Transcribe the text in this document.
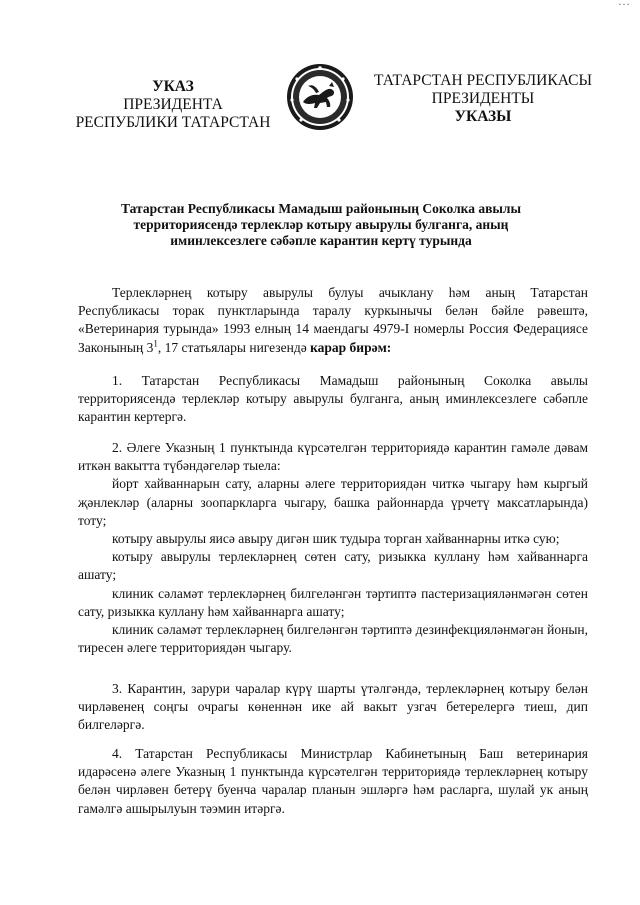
…
УКАЗ
ПРЕЗИДЕНТА
РЕСПУБЛИКИ ТАТАРСТАН
ТАТАРСТАН РЕСПУБЛИКАСЫ
ПРЕЗИДЕНТЫ
УКАЗЫ
Татарстан Республикасы Мамадыш районының Соколка авылы
территориясендә терлекләр котыру авырулы булганга, аның
иминлексезлеге сәбәпле карантин кертү турында

Терлекләрнең котыру авырулы булуы ачыклану һәм аның Татарстан Республикасы торак пунктларында таралу куркынычы белән бәйле рәвештә, «Ветеринария турында» 1993 елның 14 маендагы 4979-I номерлы Россия Федерациясе Законының $3^1$, 17 статьялары нигезендә карар бирәм:

1. Татарстан Республикасы Мамадыш районының Соколка авылы территориясендә терлекләр котыру авырулы булганга, аның иминлексезлеге сәбәпле карантин кертергә.

2. Әлеге Указның 1 пунктында күрсәтелгән территориядә карантин гамәле дәвам иткән вакытта түбәндәгеләр тыела:

йорт хайваннарын сату, аларны әлеге территориядән читкә чыгару һәм кыргый җәнлекләр (аларны зоопаркларга чыгару, башка районнарда үрчетү максатларында) тоту;

котыру авырулы яисә авыру дигән шик тудыра торган хайваннарны иткә сую;

котыру авырулы терлекләрнең сөтен сату, ризыкка куллану һәм хайваннарга ашату;

клиник сәламәт терлекләрнең билгеләнгән тәртиптә пастеризацияләнмәгән сөтен сату, ризыкка куллану һәм хайваннарга ашату;

клиник сәламәт терлекләрнең билгеләнгән тәртиптә дезинфекцияләнмәгән йонын, тиресен әлеге территориядән чыгару.

3. Карантин, зарури чаралар күрү шарты үтәлгәндә, терлекләрнең котыру белән чирләвенең соңгы очрагы көненнән ике ай вакыт узгач бетерелергә тиеш, дип билгеләргә.

4. Татарстан Республикасы Министрлар Кабинетының Баш ветеринария идарәсенә әлеге Указның 1 пунктында күрсәтелгән территориядә терлекләрнең котыру белән чирләвен бетерү буенча чаралар планын эшләргә һәм расларга, шулай ук аның гамәлгә ашырылуын тәэмин итәргә.
